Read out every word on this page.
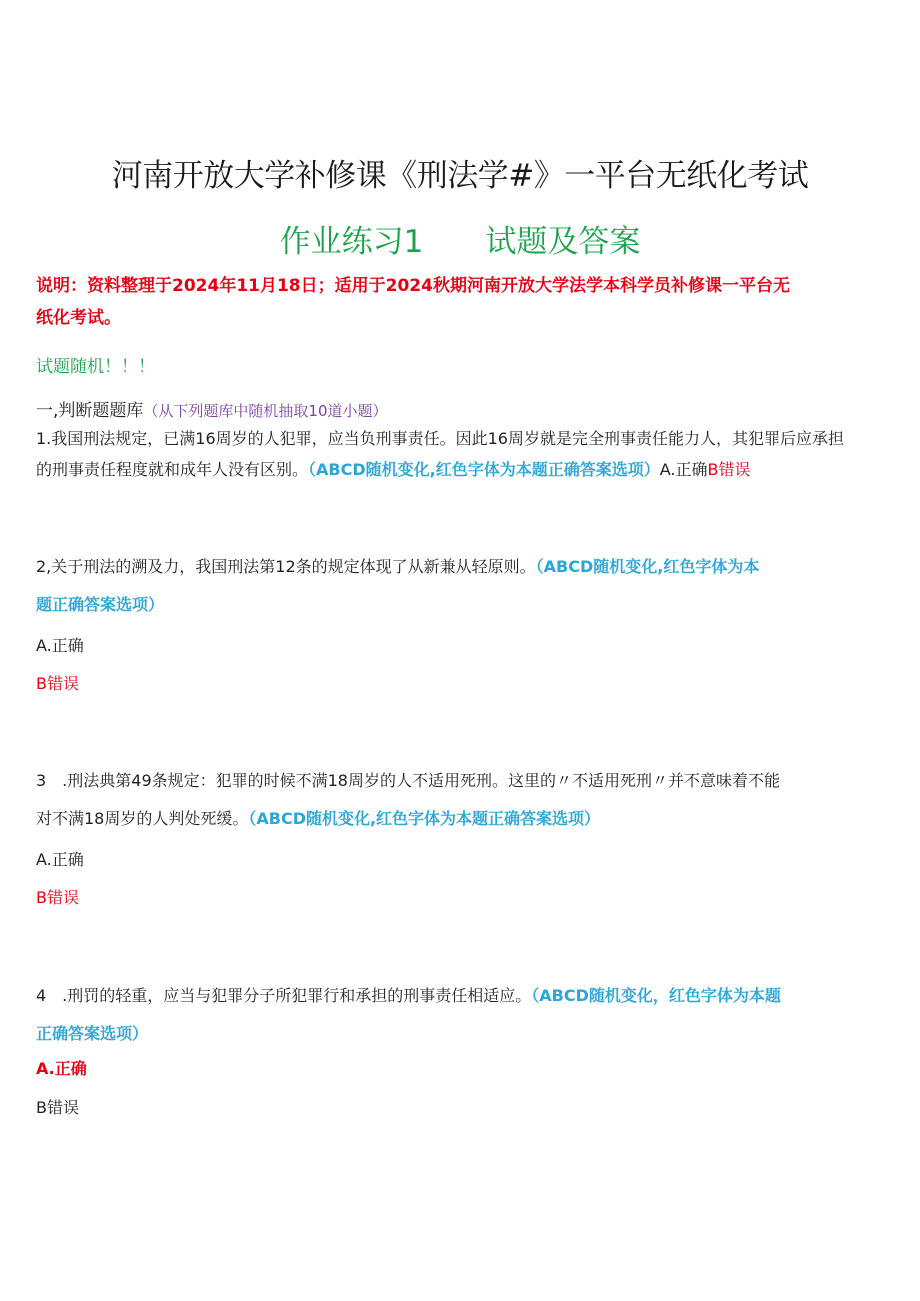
河南开放大学补修课《刑法学#》一平台无纸化考试
作业练习1 试题及答案
说明：资料整理于2024年11月18日；适用于2024秋期河南开放大学法学本科学员补修课一平台无
纸化考试。
试题随机！！！
一,判断题题库（从下列题库中随机抽取10道小题）
1.我国刑法规定，已满16周岁的人犯罪，应当负刑事责任。因此16周岁就是完全刑事责任能力人，其犯罪后应承担
的刑事责任程度就和成年人没有区别。（ABCD随机变化,红色字体为本题正确答案选项）A.正确B错误
2,关于刑法的溯及力，我国刑法第12条的规定体现了从新兼从轻原则。（ABCD随机变化,红色字体为本
题正确答案选项）
A.正确
B错误
3　.刑法典第49条规定：犯罪的时候不满18周岁的人不适用死刑。这里的〃不适用死刑〃并不意味着不能
对不满18周岁的人判处死缓。（ABCD随机变化,红色字体为本题正确答案选项）
A.正确
B错误
4　.刑罚的轻重，应当与犯罪分子所犯罪行和承担的刑事责任相适应。（ABCD随机变化，红色字体为本题
正确答案选项）
A.正确
B错误
